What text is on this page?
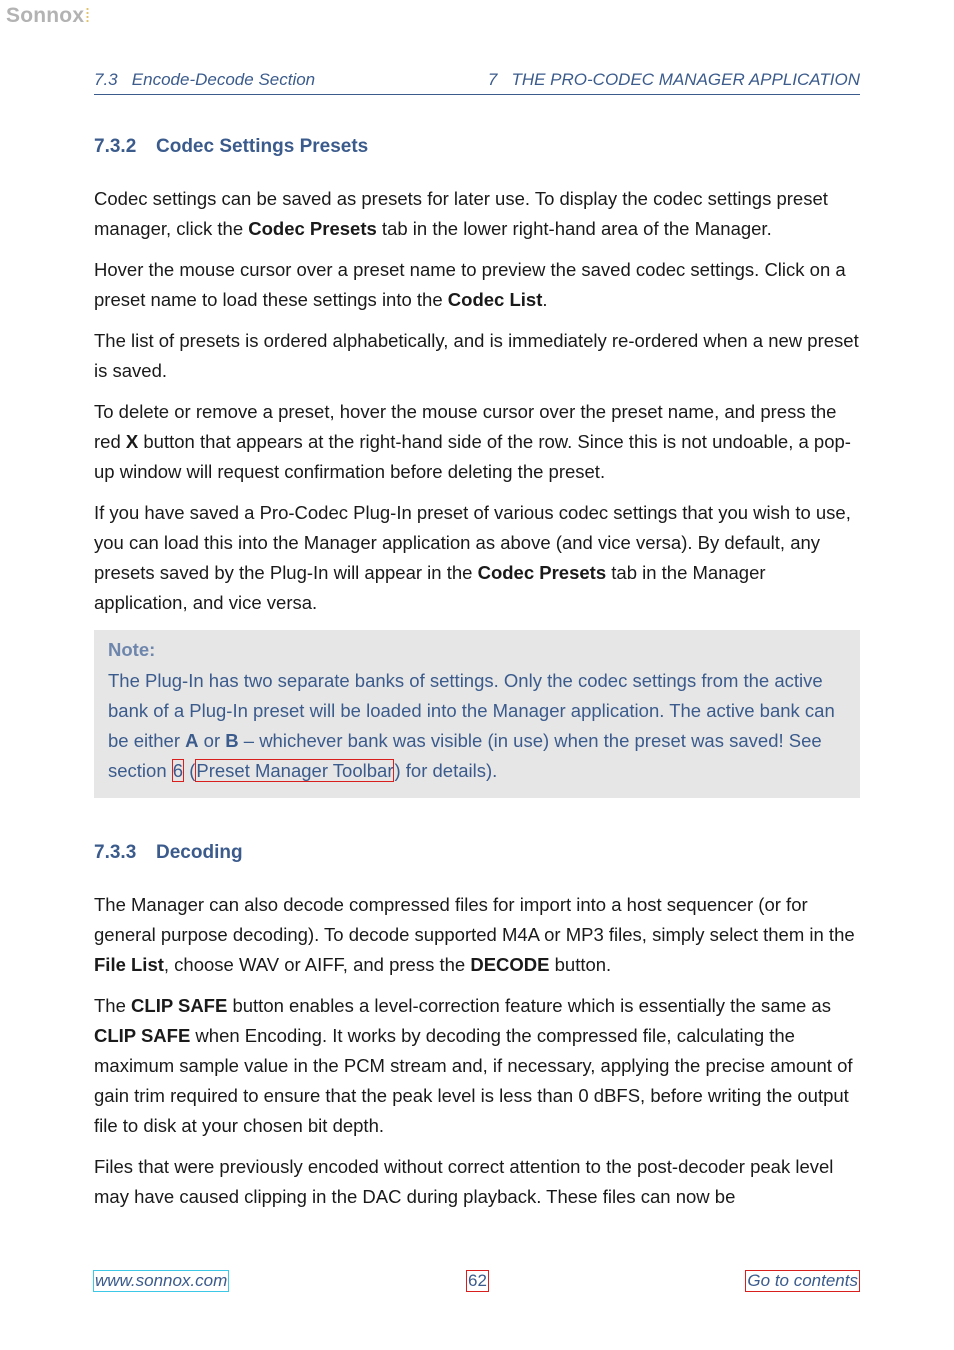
Sonnox
7.3   Encode-Decode Section	7   THE PRO-CODEC MANAGER APPLICATION
7.3.2 Codec Settings Presets

Codec settings can be saved as presets for later use. To display the codec settings preset manager, click the Codec Presets tab in the lower right-hand area of the Manager.

Hover the mouse cursor over a preset name to preview the saved codec settings. Click on a preset name to load these settings into the Codec List.

The list of presets is ordered alphabetically, and is immediately re-ordered when a new preset is saved.

To delete or remove a preset, hover the mouse cursor over the preset name, and press the red X button that appears at the right-hand side of the row. Since this is not undoable, a pop-up window will request confirmation before deleting the preset.

If you have saved a Pro-Codec Plug-In preset of various codec settings that you wish to use, you can load this into the Manager application as above (and vice versa). By default, any presets saved by the Plug-In will appear in the Codec Presets tab in the Manager application, and vice versa.

Note:
The Plug-In has two separate banks of settings. Only the codec settings from the active bank of a Plug-In preset will be loaded into the Manager application. The active bank can be either A or B – whichever bank was visible (in use) when the preset was saved! See section 6 (Preset Manager Toolbar) for details).
7.3.3 Decoding

The Manager can also decode compressed files for import into a host sequencer (or for general purpose decoding). To decode supported M4A or MP3 files, simply select them in the File List, choose WAV or AIFF, and press the DECODE button.

The CLIP SAFE button enables a level-correction feature which is essentially the same as CLIP SAFE when Encoding. It works by decoding the compressed file, calculating the maximum sample value in the PCM stream and, if necessary, applying the precise amount of gain trim required to ensure that the peak level is less than 0 dBFS, before writing the output file to disk at your chosen bit depth.

Files that were previously encoded without correct attention to the post-decoder peak level may have caused clipping in the DAC during playback. These files can now be

www.sonnox.com	62	Go to contents
